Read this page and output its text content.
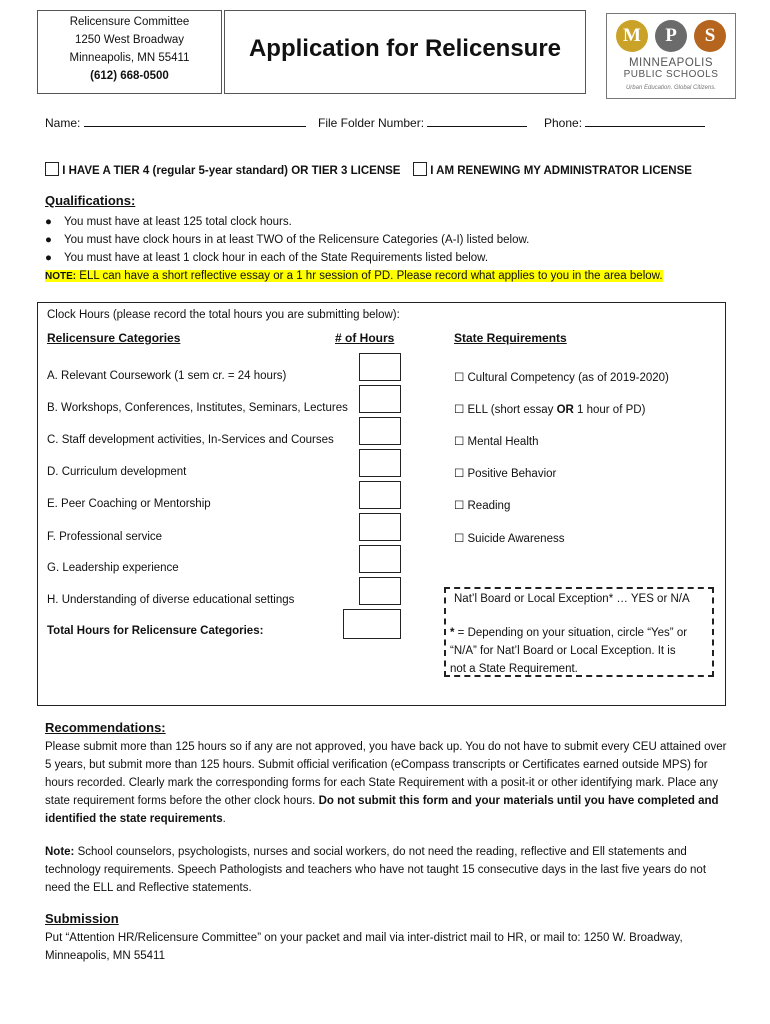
Relicensure Committee
1250 West Broadway
Minneapolis, MN 55411
(612) 668-0500
Application for Relicensure	M	P	S
MINNEAPOLIS
PUBLIC SCHOOLS
Urban Education. Global Citizens.
Name:	File Folder Number:	Phone:
I HAVE A TIER 4 (regular 5-year standard) OR TIER 3 LICENSE	I AM RENEWING MY ADMINISTRATOR LICENSE
Qualifications:
● You must have at least 125 total clock hours.
● You must have clock hours in at least TWO of the Relicensure Categories (A-I) listed below.
● You must have at least 1 clock hour in each of the State Requirements listed below.
NOTE: ELL can have a short reflective essay or a 1 hr session of PD. Please record what applies to you in the area below.
Clock Hours (please record the total hours you are submitting below):
Relicensure Categories	# of Hours	State Requirements
A. Relevant Coursework (1 sem cr. = 24 hours)
B. Workshops, Conferences, Institutes, Seminars, Lectures
C. Staff development activities, In-Services and Courses
D. Curriculum development
E. Peer Coaching or Mentorship
F. Professional service
G. Leadership experience
H. Understanding of diverse educational settings
Total Hours for Relicensure Categories:
☐ Cultural Competency (as of 2019-2020)
☐ ELL (short essay OR 1 hour of PD)
☐ Mental Health
☐ Positive Behavior
☐ Reading
☐ Suicide Awareness
Nat’l Board or Local Exception* … YES or N/A
* = Depending on your situation, circle “Yes” or
“N/A” for Nat’l Board or Local Exception. It is
not a State Requirement.
Recommendations:
Please submit more than 125 hours so if any are not approved, you have back up. You do not have to submit every CEU attained over 5 years, but submit more than 125 hours. Submit official verification (eCompass transcripts or Certificates earned outside MPS) for hours recorded. Clearly mark the corresponding forms for each State Requirement with a posit-it or other identifying mark. Place any state requirement forms before the other clock hours. Do not submit this form and your materials until you have completed and identified the state requirements.
Note: School counselors, psychologists, nurses and social workers, do not need the reading, reflective and Ell statements and technology requirements. Speech Pathologists and teachers who have not taught 15 consecutive days in the last five years do not need the ELL and Reflective statements.
Submission
Put “Attention HR/Relicensure Committee” on your packet and mail via inter-district mail to HR, or mail to: 1250 W. Broadway, Minneapolis, MN 55411
